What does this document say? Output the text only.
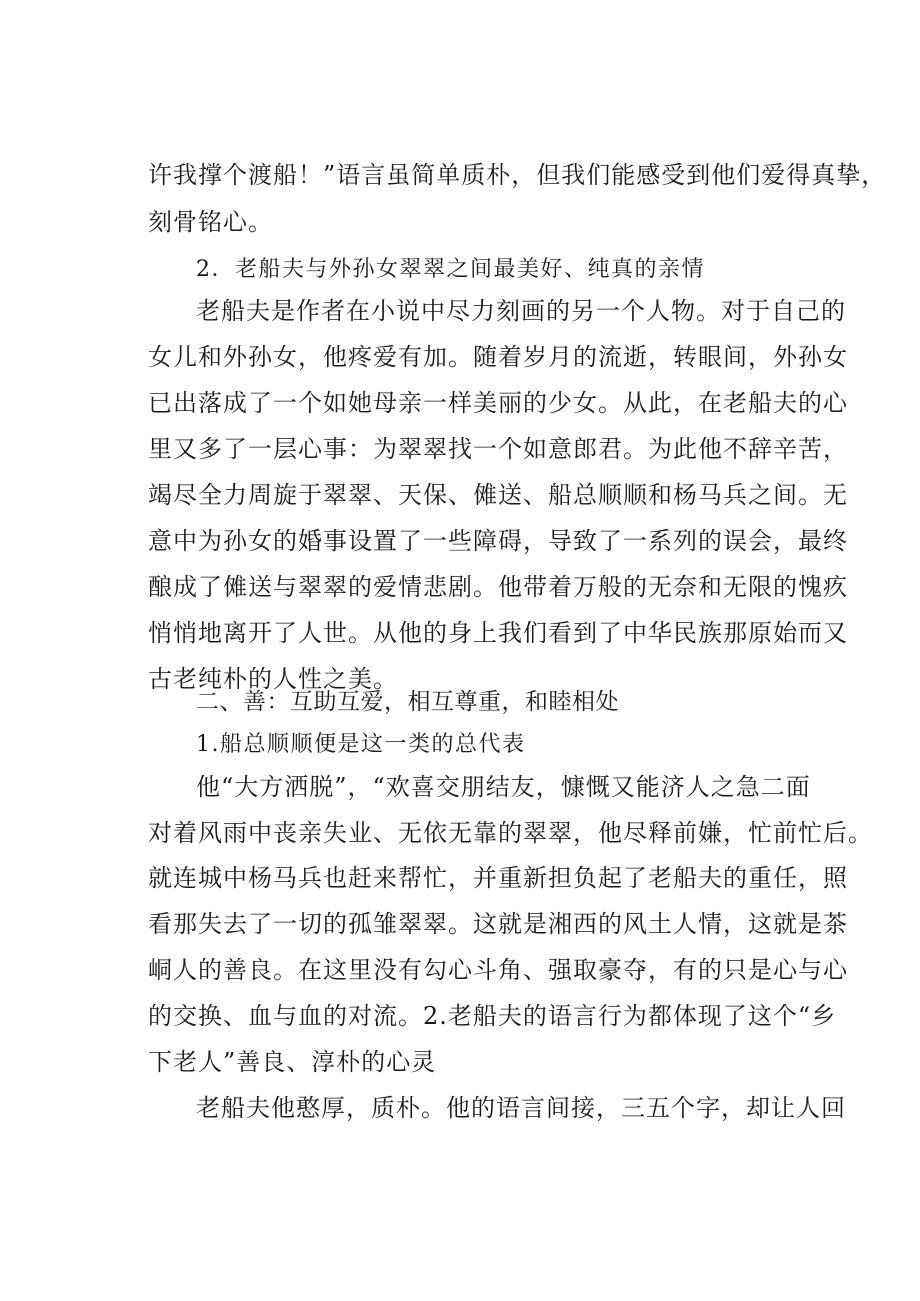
许我撑个渡船！”语言虽简单质朴，但我们能感受到他们爱得真挚，
刻骨铭心。
2．老船夫与外孙女翠翠之间最美好、纯真的亲情
老船夫是作者在小说中尽力刻画的另一个人物。对于自己的
女儿和外孙女，他疼爱有加。随着岁月的流逝，转眼间，外孙女
已出落成了一个如她母亲一样美丽的少女。从此，在老船夫的心
里又多了一层心事：为翠翠找一个如意郎君。为此他不辞辛苦，
竭尽全力周旋于翠翠、天保、傩送、船总顺顺和杨马兵之间。无
意中为孙女的婚事设置了一些障碍，导致了一系列的误会，最终
酿成了傩送与翠翠的爱情悲剧。他带着万般的无奈和无限的愧疚
悄悄地离开了人世。从他的身上我们看到了中华民族那原始而又
古老纯朴的人性之美。
二、善：互助互爱，相互尊重，和睦相处
1.船总顺顺便是这一类的总代表
他“大方洒脱”，“欢喜交朋结友，慷慨又能济人之急二面
对着风雨中丧亲失业、无依无靠的翠翠，他尽释前嫌，忙前忙后。
就连城中杨马兵也赶来帮忙，并重新担负起了老船夫的重任，照
看那失去了一切的孤雏翠翠。这就是湘西的风土人情，这就是茶
峒人的善良。在这里没有勾心斗角、强取豪夺，有的只是心与心
的交换、血与血的对流。2.老船夫的语言行为都体现了这个“乡
下老人”善良、淳朴的心灵
老船夫他憨厚，质朴。他的语言间接，三五个字，却让人回
